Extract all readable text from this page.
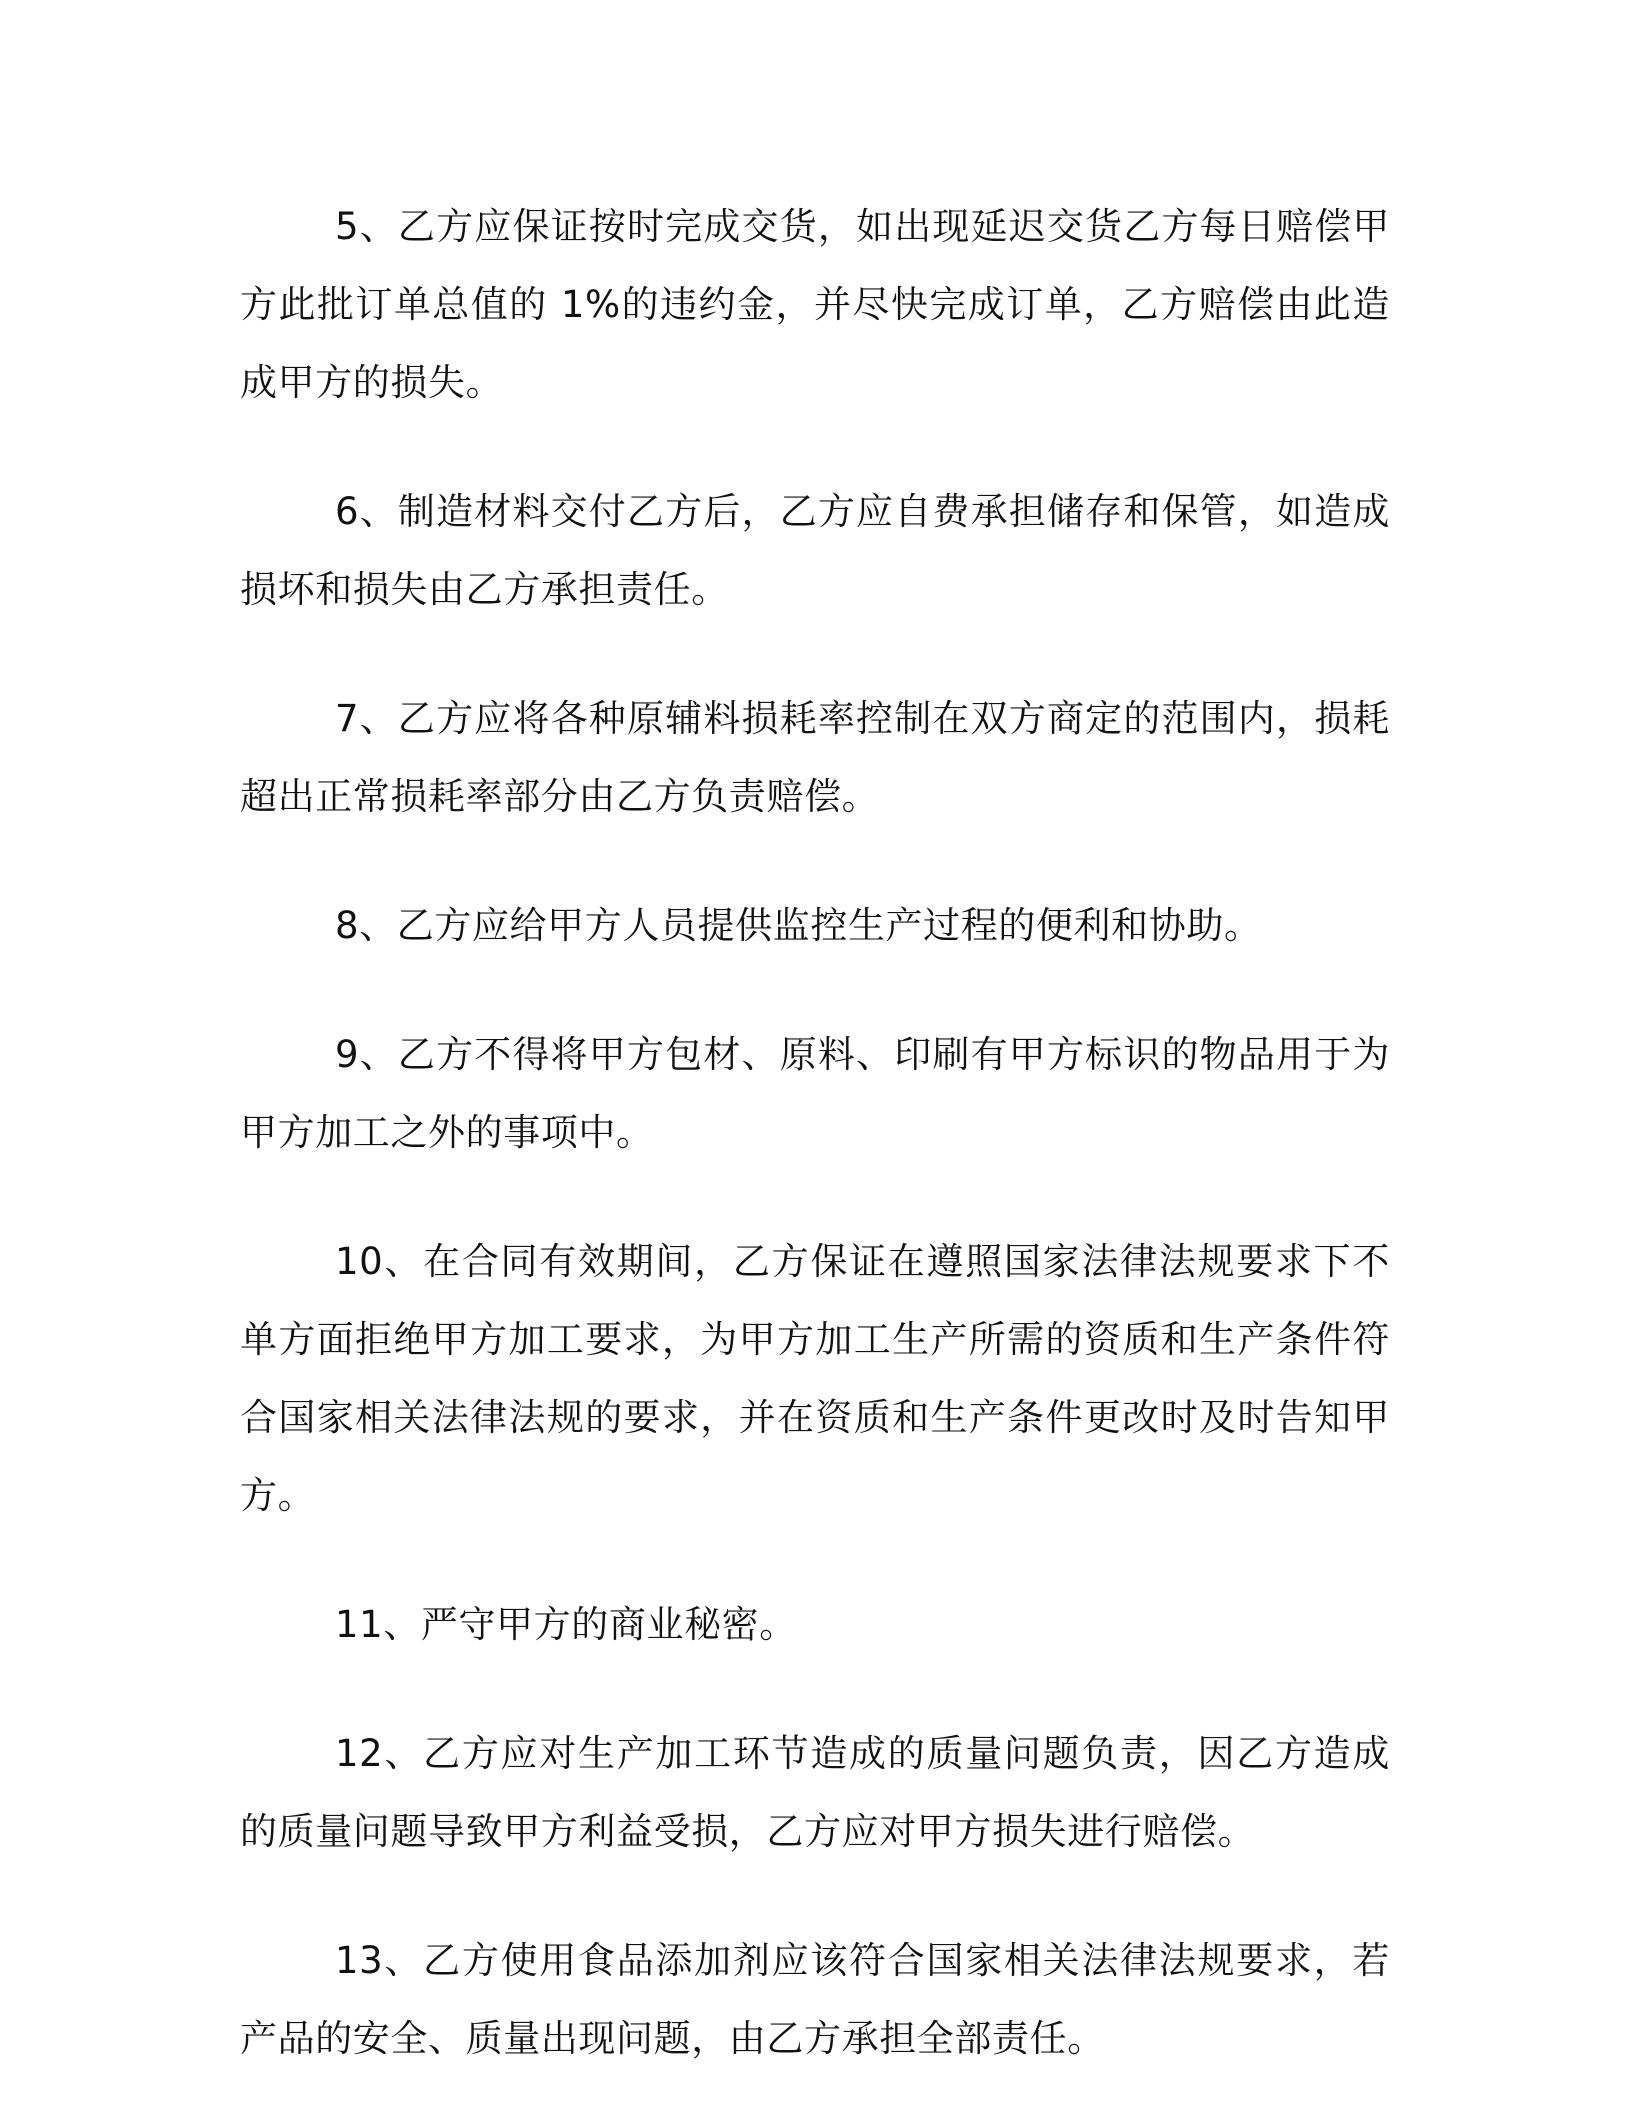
5、乙方应保证按时完成交货，如出现延迟交货乙方每日赔偿甲方此批订单总值的 1%的违约金，并尽快完成订单，乙方赔偿由此造成甲方的损失。

6、制造材料交付乙方后，乙方应自费承担储存和保管，如造成损坏和损失由乙方承担责任。

7、乙方应将各种原辅料损耗率控制在双方商定的范围内，损耗超出正常损耗率部分由乙方负责赔偿。

8、乙方应给甲方人员提供监控生产过程的便利和协助。

9、乙方不得将甲方包材、原料、印刷有甲方标识的物品用于为甲方加工之外的事项中。

10、在合同有效期间，乙方保证在遵照国家法律法规要求下不单方面拒绝甲方加工要求，为甲方加工生产所需的资质和生产条件符合国家相关法律法规的要求，并在资质和生产条件更改时及时告知甲方。

11、严守甲方的商业秘密。

12、乙方应对生产加工环节造成的质量问题负责，因乙方造成的质量问题导致甲方利益受损，乙方应对甲方损失进行赔偿。

13、乙方使用食品添加剂应该符合国家相关法律法规要求，若产品的安全、质量出现问题，由乙方承担全部责任。
